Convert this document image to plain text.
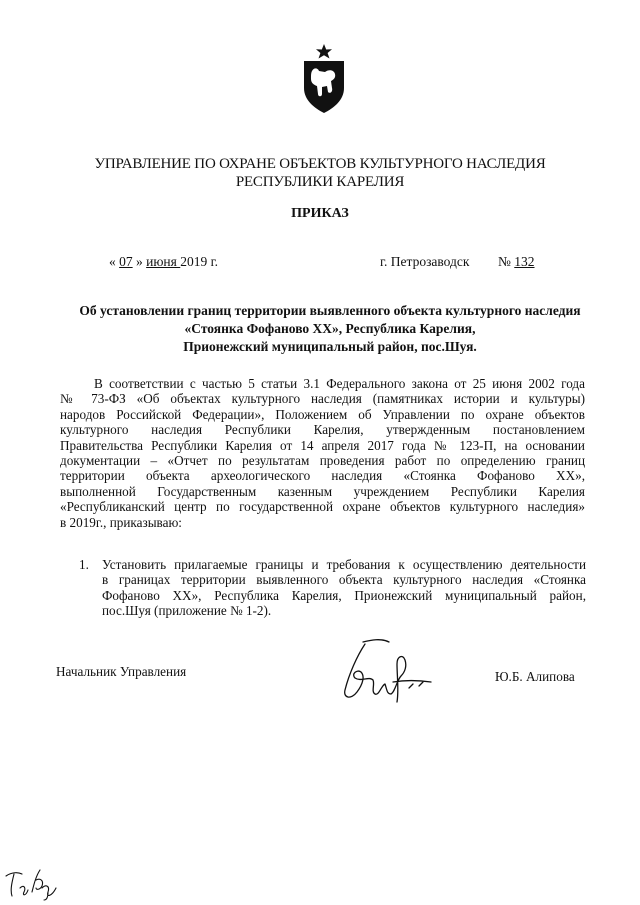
УПРАВЛЕНИЕ ПО ОХРАНЕ ОБЪЕКТОВ КУЛЬТУРНОГО НАСЛЕДИЯ
РЕСПУБЛИКИ КАРЕЛИЯ
ПРИКАЗ
« 07 » июня 2019 г.	г. Петрозаводск № 132
Об установлении границ территории выявленного объекта культурного наследия
«Стоянка Фофаново XX», Республика Карелия,
Прионежский муниципальный район, пос.Шуя.
В соответствии с частью 5 статьи 3.1 Федерального закона от 25 июня 2002 года
№ 73-ФЗ «Об объектах культурного наследия (памятниках истории и культуры)
народов Российской Федерации», Положением об Управлении по охране объектов
культурного наследия Республики Карелия, утвержденным постановлением
Правительства Республики Карелия от 14 апреля 2017 года № 123-П, на основании
документации – «Отчет по результатам проведения работ по определению границ
территории объекта археологического наследия «Стоянка Фофаново XX»,
выполненной Государственным казенным учреждением Республики Карелия
«Республиканский центр по государственной охране объектов культурного наследия»
в 2019г., приказываю:
1. Установить прилагаемые границы и требования к осуществлению деятельности
в границах территории выявленного объекта культурного наследия «Стоянка
Фофаново XX», Республика Карелия, Прионежский муниципальный район,
пос.Шуя (приложение № 1-2).
Начальник Управления	Ю.Б. Алипова
